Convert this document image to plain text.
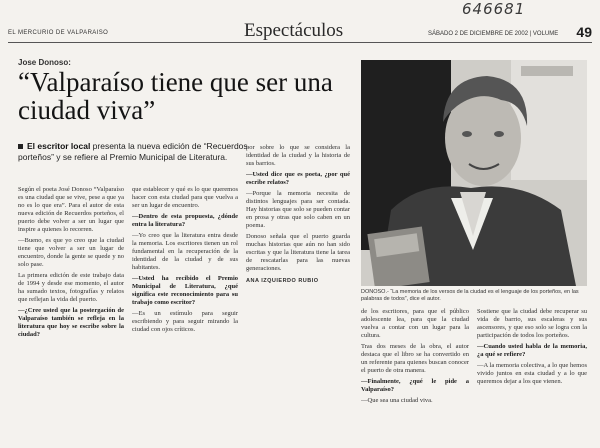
646681
EL MERCURIO DE VALPARAISO	Espectáculos	SÁBADO 2 DE DICIEMBRE DE 2002 | VOLUME 49
Jose Donoso:
“Valparaíso tiene que ser una ciudad viva”
El escritor local presenta la nueva edición de “Recuerdos porteños” y se refiere al Premio Municipal de Literatura.
DONOSO.- “La memoria de los versos de la ciudad es el lenguaje de los porteños, en las palabras de todos”, dice el autor.

Según el poeta José Donoso “Valparaíso es una ciudad que se vive, pese a que ya no es lo que era”. Para el autor de esta nueva edición de Recuerdos porteños, el puerto debe volver a ser un lugar que inspire a quienes lo recorren.

—Bueno, es que yo creo que la ciudad tiene que volver a ser un lugar de encuentro, donde la gente se quede y no solo pase.

La primera edición de este trabajo data de 1994 y desde ese momento, el autor ha sumado textos, fotografías y relatos que reflejan la vida del puerto.

—¿Cree usted que la postergación de Valparaíso también se refleja en la literatura que hoy se escribe sobre la ciudad?

que establecer y qué es lo que queremos hacer con esta ciudad para que vuelva a ser un lugar de encuentro.

—Dentro de esta propuesta, ¿dónde entra la literatura?

—Yo creo que la literatura entra desde la memoria. Los escritores tienen un rol fundamental en la recuperación de la identidad de la ciudad y de sus habitantes.

—Usted ha recibido el Premio Municipal de Literatura, ¿qué significa este reconocimiento para su trabajo como escritor?

—Es un estímulo para seguir escribiendo y para seguir mirando la ciudad con ojos críticos.

por sobre lo que se considera la identidad de la ciudad y la historia de sus barrios.

—Usted dice que es poeta, ¿por qué escribe relatos?

—Porque la memoria necesita de distintos lenguajes para ser contada. Hay historias que solo se pueden contar en prosa y otras que solo caben en un poema.

Donoso señala que el puerto guarda muchas historias que aún no han sido escritas y que la literatura tiene la tarea de rescatarlas para las nuevas generaciones.

ANA IZQUIERDO RUBIO

de los escritores, para que el público adolescente lea, para que la ciudad vuelva a contar con un lugar para la cultura.

Tras dos meses de la obra, el autor destaca que el libro se ha convertido en un referente para quienes buscan conocer el puerto de otra manera.

—Finalmente, ¿qué le pide a Valparaíso?

—Que sea una ciudad viva.

Sostiene que la ciudad debe recuperar su vida de barrio, sus escaleras y sus ascensores, y que eso solo se logra con la participación de todos los porteños.

—Cuando usted habla de la memoria, ¿a qué se refiere?

—A la memoria colectiva, a lo que hemos vivido juntos en esta ciudad y a lo que queremos dejar a los que vienen.
